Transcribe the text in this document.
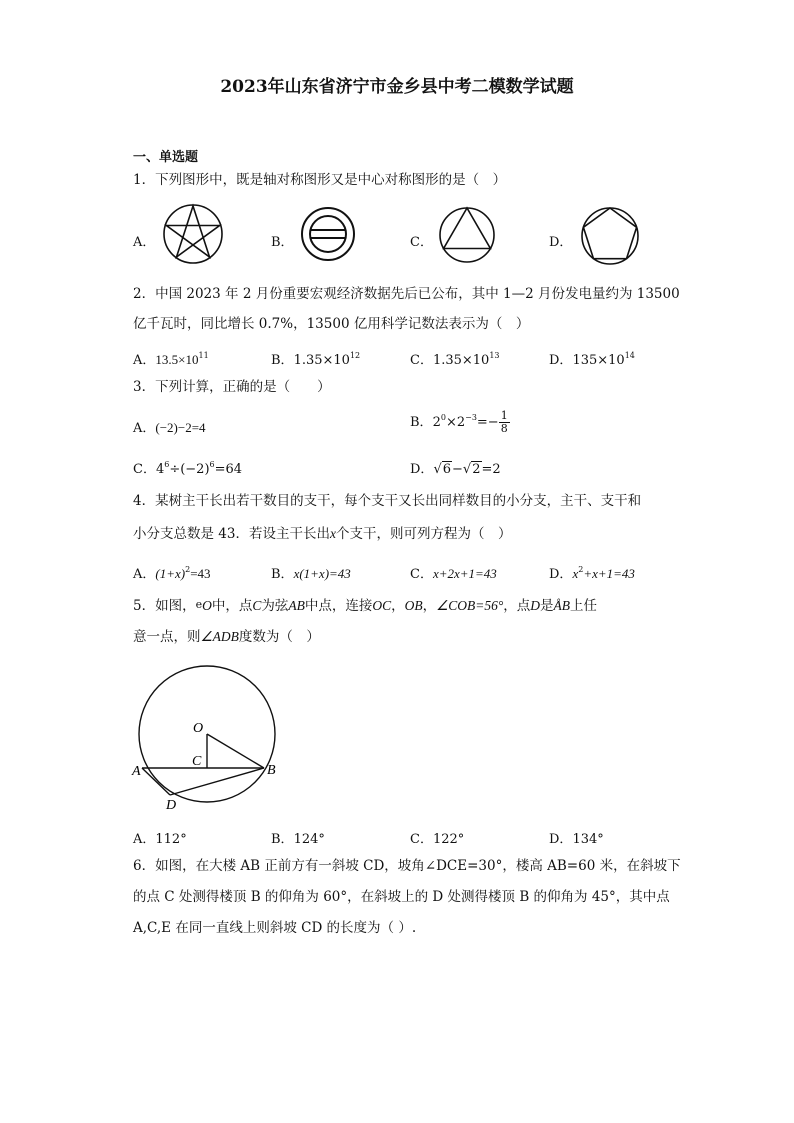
2023年山东省济宁市金乡县中考二模数学试题
一、单选题
1．下列图形中，既是轴对称图形又是中心对称图形的是（　）
A．	B．	C．	D．
2．中国 2023 年 2 月份重要宏观经济数据先后已公布，其中 1—2 月份发电量约为 13500
亿千瓦时，同比增长 0.7%，13500 亿用科学记数法表示为（　）
A．$13.5\times 10^{11}$	B．$1.35\times 10^{12}$	C．$1.35\times 10^{13}$	D．$135\times 10^{14}$
3．下列计算，正确的是（　　）
A．(−2)−2=4	B．$2^0\times 2^{-3}=- \frac{1}{8}$
C．$4^6\div(-2)^6=64$	D．√6−√2=2
4．某树主干长出若干数目的支干，每个支干又长出同样数目的小分支，主干、支干和
小分支总数是 43．若设主干长出x个支干，则可列方程为（　）
A．$(1+x)^2=43$	B．x(1+x)=43	C．x+2x+1=43	D．$x^2+x+1=43$
5．如图，eO中，点C为弦AB中点，连接OC，OB，∠COB=56°，点D是ÅB上任
意一点，则∠ADB度数为（　）
O
C
A	B
D
A．112°	B．124°	C．122°	D．134°
6．如图，在大楼 AB 正前方有一斜坡 CD，坡角∠DCE=30°，楼高 AB=60 米，在斜坡下
的点 C 处测得楼顶 B 的仰角为 60°，在斜坡上的 D 处测得楼顶 B 的仰角为 45°，其中点
A,C,E 在同一直线上则斜坡 CD 的长度为（ ）.
